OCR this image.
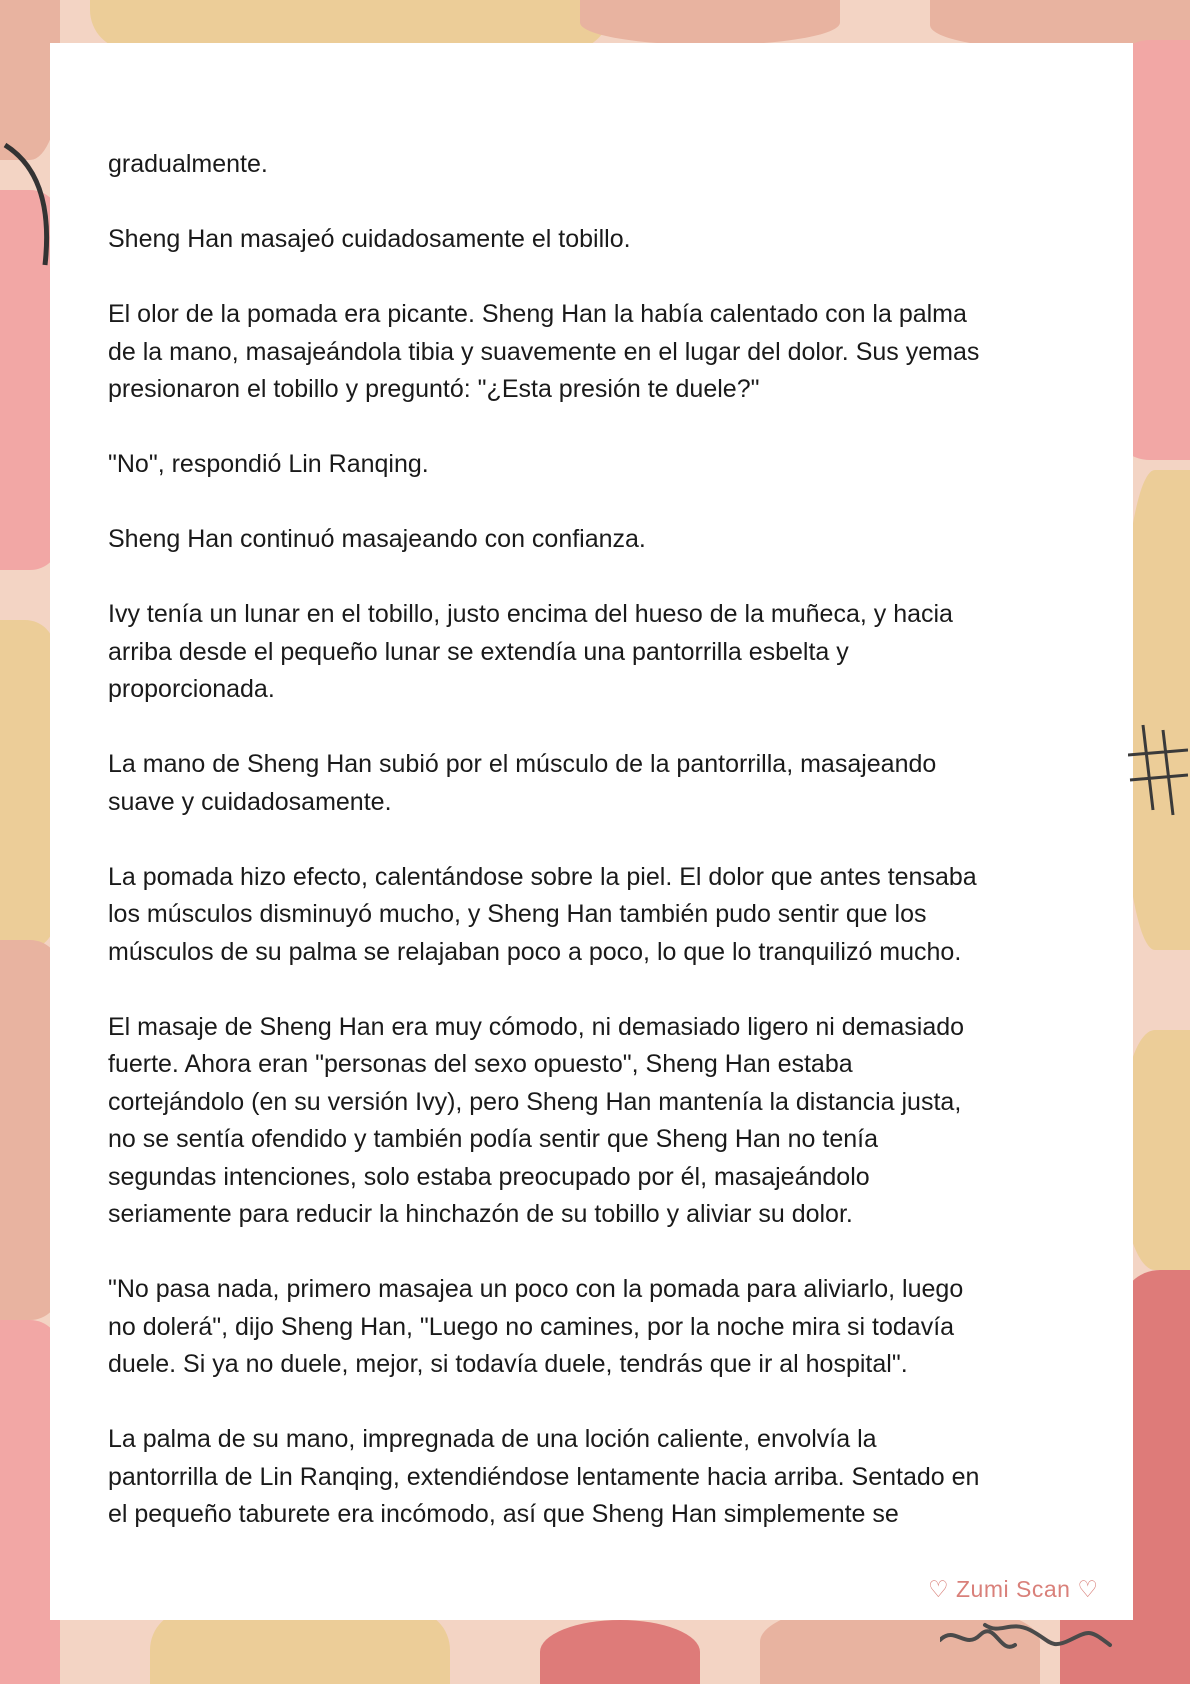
gradualmente.

Sheng Han masajeó cuidadosamente el tobillo.

El olor de la pomada era picante. Sheng Han la había calentado con la palma
de la mano, masajeándola tibia y suavemente en el lugar del dolor. Sus yemas
presionaron el tobillo y preguntó: "¿Esta presión te duele?"

"No", respondió Lin Ranqing.

Sheng Han continuó masajeando con confianza.

Ivy tenía un lunar en el tobillo, justo encima del hueso de la muñeca, y hacia
arriba desde el pequeño lunar se extendía una pantorrilla esbelta y
proporcionada.

La mano de Sheng Han subió por el músculo de la pantorrilla, masajeando
suave y cuidadosamente.

La pomada hizo efecto, calentándose sobre la piel. El dolor que antes tensaba
los músculos disminuyó mucho, y Sheng Han también pudo sentir que los
músculos de su palma se relajaban poco a poco, lo que lo tranquilizó mucho.

El masaje de Sheng Han era muy cómodo, ni demasiado ligero ni demasiado
fuerte. Ahora eran "personas del sexo opuesto", Sheng Han estaba
cortejándolo (en su versión Ivy), pero Sheng Han mantenía la distancia justa,
no se sentía ofendido y también podía sentir que Sheng Han no tenía
segundas intenciones, solo estaba preocupado por él, masajeándolo
seriamente para reducir la hinchazón de su tobillo y aliviar su dolor.

"No pasa nada, primero masajea un poco con la pomada para aliviarlo, luego
no dolerá", dijo Sheng Han, "Luego no camines, por la noche mira si todavía
duele. Si ya no duele, mejor, si todavía duele, tendrás que ir al hospital".

La palma de su mano, impregnada de una loción caliente, envolvía la
pantorrilla de Lin Ranqing, extendiéndose lentamente hacia arriba. Sentado en
el pequeño taburete era incómodo, así que Sheng Han simplemente se

♡ Zumi Scan ♡
